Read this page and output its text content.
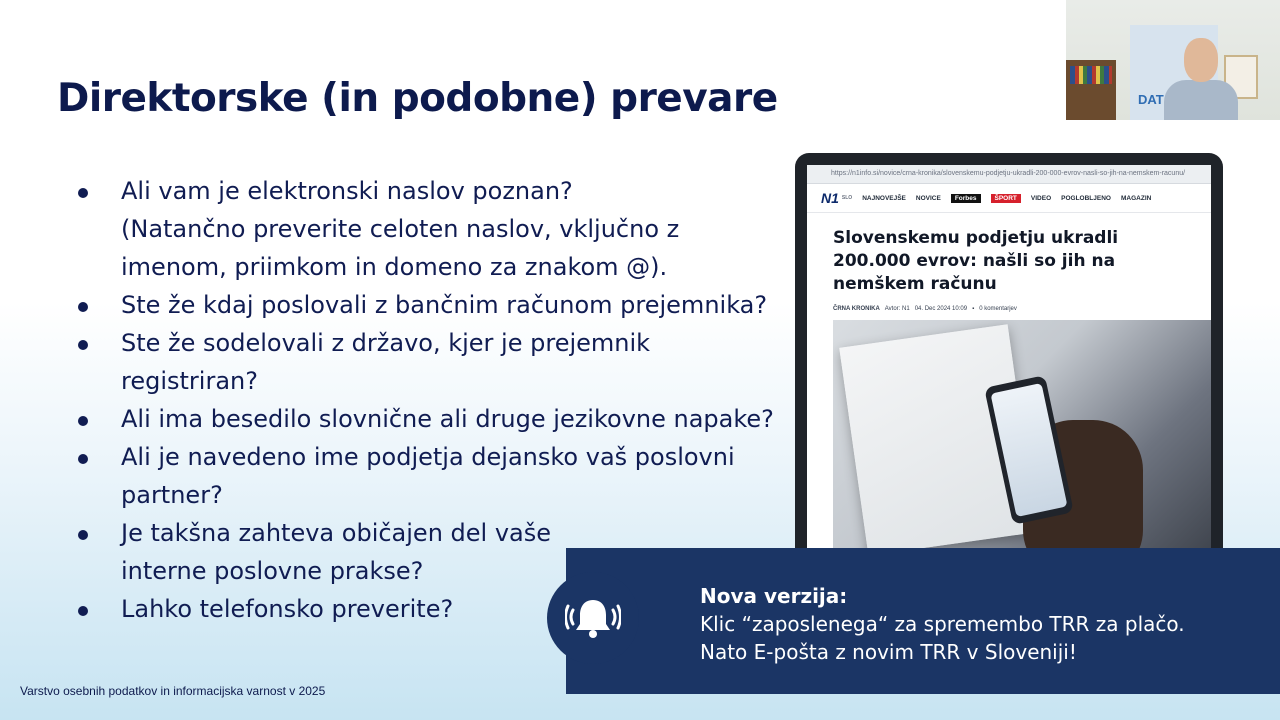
Direktorske (in podobne) prevare
Ali vam je elektronski naslov poznan?
(Natančno preverite celoten naslov, vključno z
imenom, priimkom in domeno za znakom @).
Ste že kdaj poslovali z bančnim računom prejemnika?
Ste že sodelovali z državo, kjer je prejemnik
registriran?
Ali ima besedilo slovnične ali druge jezikovne napake?
Ali je navedeno ime podjetja dejansko vaš poslovni
partner?
Je takšna zahteva običajen del vaše
interne poslovne prakse?
Lahko telefonsko preverite?
https://n1info.si/novice/crna-kronika/slovenskemu-podjetju-ukradli-200-000-evrov-nasli-so-jih-na-nemskem-racunu/
N1 SLO NAJNOVEJŠE NOVICE	Forbes	ŠPORT	VIDEO POGLOBLJENO MAGAZIN
Slovenskemu podjetju ukradli 200.000 evrov: našli so jih na nemškem računu
ČRNA KRONIKA Avtor: N1 04. Dec 2024 10:09 ▪ 0 komentarjev
DAT
Nova verzija:
Klic “zaposlenega“ za spremembo TRR za plačo.
Nato E-pošta z novim TRR v Sloveniji!
Varstvo osebnih podatkov in informacijska varnost v 2025
